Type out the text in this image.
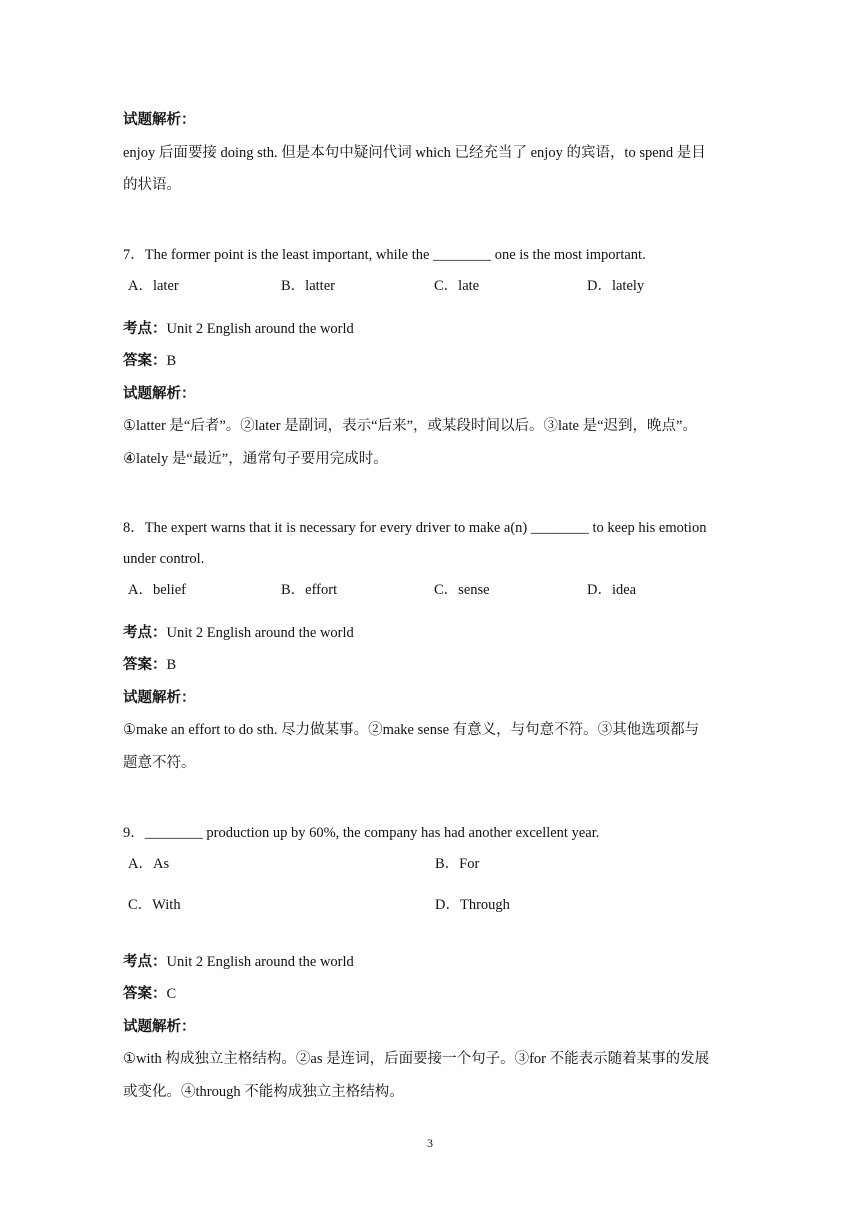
试题解析：
enjoy 后面要接 doing sth. 但是本句中疑问代词 which 已经充当了 enjoy 的宾语，to spend 是目
的状语。
7．The former point is the least important, while the ________ one is the most important.
A．later	B．latter	C．late	D．lately
考点：Unit 2 English around the world
答案：B
试题解析：
①latter 是“后者”。②later 是副词，表示“后来”，或某段时间以后。③late 是“迟到，晚点”。
④lately 是“最近”，通常句子要用完成时。
8．The expert warns that it is necessary for every driver to make a(n) ________ to keep his emotion
under control.
A．belief	B．effort	C．sense	D．idea
考点：Unit 2 English around the world
答案：B
试题解析：
①make an effort to do sth. 尽力做某事。②make sense 有意义，与句意不符。③其他选项都与
题意不符。
9．________ production up by 60%, the company has had another excellent year.
A．As	B．For
C．With	D．Through
考点：Unit 2 English around the world
答案：C
试题解析：
①with 构成独立主格结构。②as 是连词，后面要接一个句子。③for 不能表示随着某事的发展
或变化。④through 不能构成独立主格结构。
3
